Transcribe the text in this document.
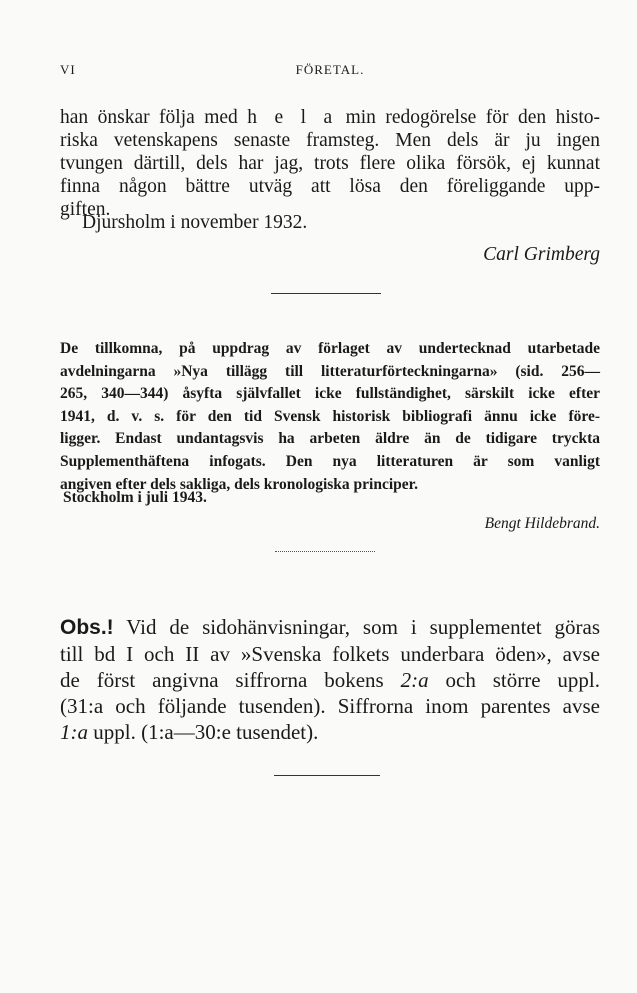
VI	FÖRETAL.

han önskar följa med h e l a min redogörelse för den histo-
riska vetenskapens senaste framsteg. Men dels är ju ingen
tvungen därtill, dels har jag, trots flere olika försök, ej kunnat
finna någon bättre utväg att lösa den föreliggande upp-
giften.

Djursholm i november 1932.

Carl Grimberg

De tillkomna, på uppdrag av förlaget av undertecknad utarbetade
avdelningarna »Nya tillägg till litteraturförteckningarna» (sid. 256—
265, 340—344) åsyfta självfallet icke fullständighet, särskilt icke efter
1941, d. v. s. för den tid Svensk historisk bibliografi ännu icke före-
ligger. Endast undantagsvis ha arbeten äldre än de tidigare tryckta
Supplementhäftena infogats. Den nya litteraturen är som vanligt
angiven efter dels sakliga, dels kronologiska principer.

Stockholm i juli 1943.

Bengt Hildebrand.

Obs.! Vid de sidohänvisningar, som i supplementet göras
till bd I och II av »Svenska folkets underbara öden», avse
de först angivna siffrorna bokens 2:a och större uppl.
(31:a och följande tusenden). Siffrorna inom parentes avse
1:a uppl. (1:a—30:e tusendet).
